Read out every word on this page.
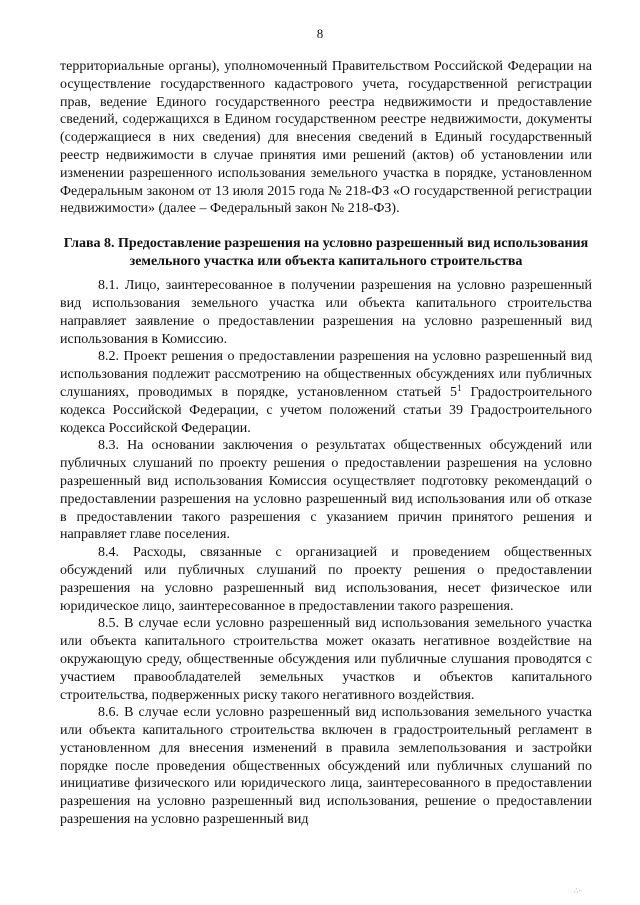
8

территориальные органы), уполномоченный Правительством Российской Федерации на осуществление государственного кадастрового учета, государственной регистрации прав, ведение Единого государственного реестра недвижимости и предоставление сведений, содержащихся в Едином государственном реестре недвижимости, документы (содержащиеся в них сведения) для внесения сведений в Единый государственный реестр недвижимости в случае принятия ими решений (актов) об установлении или изменении разрешенного использования земельного участка в порядке, установленном Федеральным законом от 13 июля 2015 года № 218-ФЗ «О государственной регистрации недвижимости» (далее – Федеральный закон № 218-ФЗ).

Глава 8. Предоставление разрешения на условно разрешенный вид использования земельного участка или объекта капитального строительства

8.1. Лицо, заинтересованное в получении разрешения на условно разрешенный вид использования земельного участка или объекта капитального строительства направляет заявление о предоставлении разрешения на условно разрешенный вид использования в Комиссию.

8.2. Проект решения о предоставлении разрешения на условно разрешенный вид использования подлежит рассмотрению на общественных обсуждениях или публичных слушаниях, проводимых в порядке, установленном статьей $5^1$ Градостроительного кодекса Российской Федерации, с учетом положений статьи 39 Градостроительного кодекса Российской Федерации.

8.3. На основании заключения о результатах общественных обсуждений или публичных слушаний по проекту решения о предоставлении разрешения на условно разрешенный вид использования Комиссия осуществляет подготовку рекомендаций о предоставлении разрешения на условно разрешенный вид использования или об отказе в предоставлении такого разрешения с указанием причин принятого решения и направляет главе поселения.

8.4. Расходы, связанные с организацией и проведением общественных обсуждений или публичных слушаний по проекту решения о предоставлении разрешения на условно разрешенный вид использования, несет физическое или юридическое лицо, заинтересованное в предоставлении такого разрешения.

8.5. В случае если условно разрешенный вид использования земельного участка или объекта капитального строительства может оказать негативное воздействие на окружающую среду, общественные обсуждения или публичные слушания проводятся с участием правообладателей земельных участков и объектов капитального строительства, подверженных риску такого негативного воздействия.

8.6. В случае если условно разрешенный вид использования земельного участка или объекта капитального строительства включен в градостроительный регламент в установленном для внесения изменений в правила землепользования и застройки порядке после проведения общественных обсуждений или публичных слушаний по инициативе физического или юридического лица, заинтересованного в предоставлении разрешения на условно разрешенный вид использования, решение о предоставлении разрешения на условно разрешенный вид

∴∙∙
